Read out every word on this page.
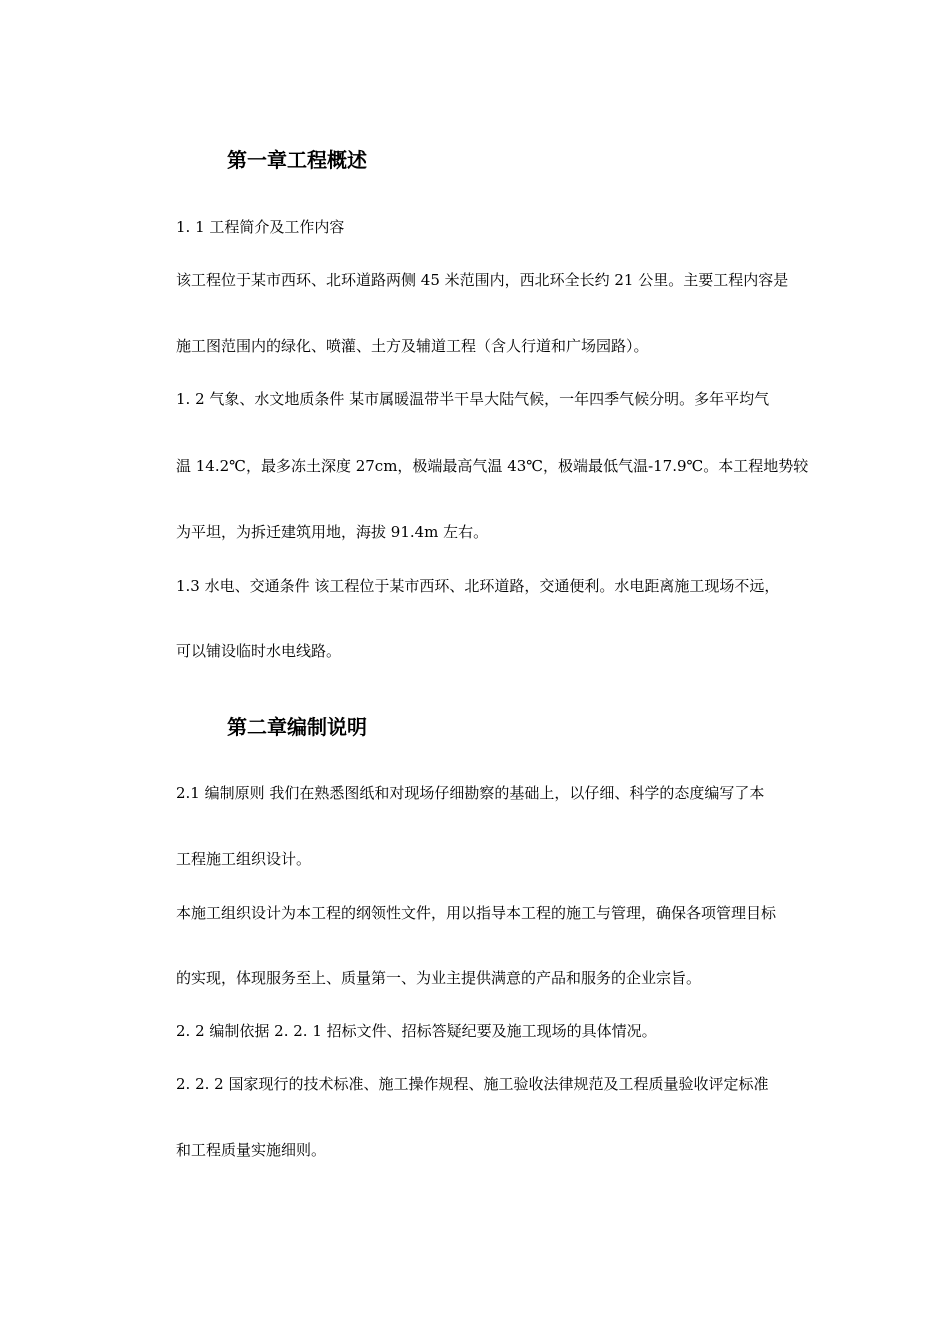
第一章工程概述
1. 1 工程简介及工作内容
该工程位于某市西环、北环道路两侧 45 米范围内，西北环全长约 21 公里。主要工程内容是
施工图范围内的绿化、喷灌、土方及辅道工程（含人行道和广场园路）。
1. 2 气象、水文地质条件 某市属暖温带半干旱大陆气候，一年四季气候分明。多年平均气
温 14.2℃，最多冻土深度 27cm，极端最高气温 43℃，极端最低气温-17.9℃。本工程地势较
为平坦，为拆迁建筑用地，海拔 91.4m 左右。
1.3 水电、交通条件 该工程位于某市西环、北环道路，交通便利。水电距离施工现场不远，
可以铺设临时水电线路。
第二章编制说明
2.1 编制原则 我们在熟悉图纸和对现场仔细勘察的基础上，以仔细、科学的态度编写了本
工程施工组织设计。
本施工组织设计为本工程的纲领性文件，用以指导本工程的施工与管理，确保各项管理目标
的实现，体现服务至上、质量第一、为业主提供满意的产品和服务的企业宗旨。
2. 2 编制依据 2. 2. 1 招标文件、招标答疑纪要及施工现场的具体情况。
2. 2. 2 国家现行的技术标准、施工操作规程、施工验收法律规范及工程质量验收评定标准
和工程质量实施细则。
